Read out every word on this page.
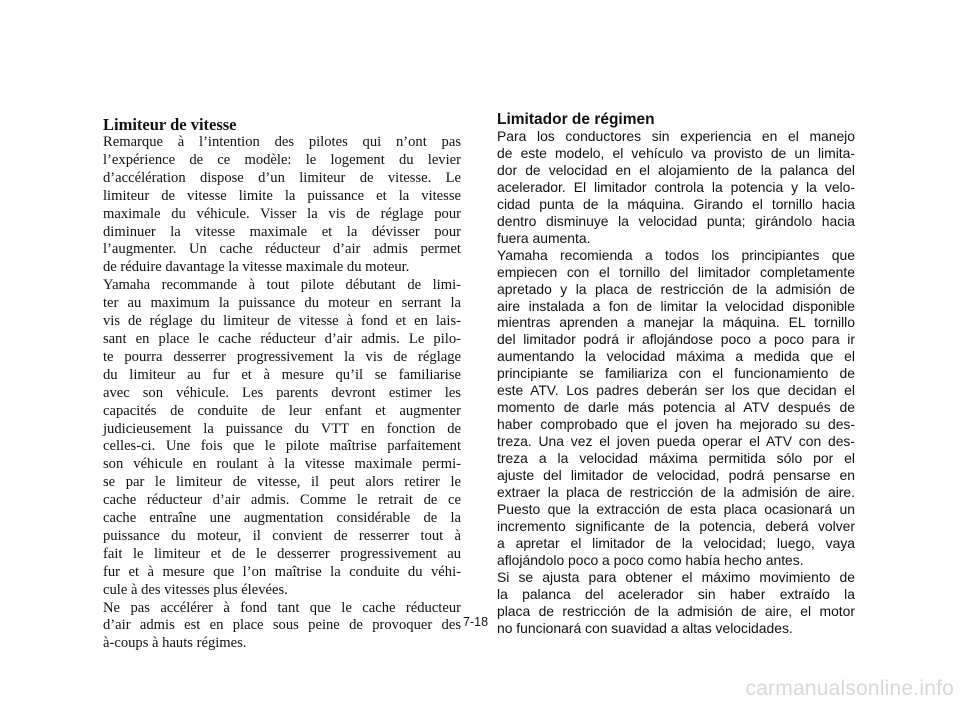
Limiteur de vitesse
Remarque à l’intention des pilotes qui n’ont pas
l’expérience de ce modèle: le logement du levier
d’accélération dispose d’un limiteur de vitesse. Le
limiteur de vitesse limite la puissance et la vitesse
maximale du véhicule. Visser la vis de réglage pour
diminuer la vitesse maximale et la dévisser pour
l’augmenter. Un cache réducteur d’air admis permet
de réduire davantage la vitesse maximale du moteur.
Yamaha recommande à tout pilote débutant de limi-
ter au maximum la puissance du moteur en serrant la
vis de réglage du limiteur de vitesse à fond et en lais-
sant en place le cache réducteur d’air admis. Le pilo-
te pourra desserrer progressivement la vis de réglage
du limiteur au fur et à mesure qu’il se familiarise
avec son véhicule. Les parents devront estimer les
capacités de conduite de leur enfant et augmenter
judicieusement la puissance du VTT en fonction de
celles-ci. Une fois que le pilote maîtrise parfaitement
son véhicule en roulant à la vitesse maximale permi-
se par le limiteur de vitesse, il peut alors retirer le
cache réducteur d’air admis. Comme le retrait de ce
cache entraîne une augmentation considérable de la
puissance du moteur, il convient de resserrer tout à
fait le limiteur et de le desserrer progressivement au
fur et à mesure que l’on maîtrise la conduite du véhi-
cule à des vitesses plus élevées.
Ne pas accélérer à fond tant que le cache réducteur
d’air admis est en place sous peine de provoquer des
à-coups à hauts régimes.
Limitador de régimen
Para los conductores sin experiencia en el manejo
de este modelo, el vehículo va provisto de un limita-
dor de velocidad en el alojamiento de la palanca del
acelerador. El limitador controla la potencia y la velo-
cidad punta de la máquina. Girando el tornillo hacia
dentro disminuye la velocidad punta; girándolo hacia
fuera aumenta.
Yamaha recomienda a todos los principiantes que
empiecen con el tornillo del limitador completamente
apretado y la placa de restricción de la admisión de
aire instalada a fon de limitar la velocidad disponible
mientras aprenden a manejar la máquina. EL tornillo
del limitador podrá ir aflojándose poco a poco para ir
aumentando la velocidad máxima a medida que el
principiante se familiariza con el funcionamiento de
este ATV. Los padres deberán ser los que decidan el
momento de darle más potencia al ATV después de
haber comprobado que el joven ha mejorado su des-
treza. Una vez el joven pueda operar el ATV con des-
treza a la velocidad máxima permitida sólo por el
ajuste del limitador de velocidad, podrá pensarse en
extraer la placa de restricción de la admisión de aire.
Puesto que la extracción de esta placa ocasionará un
incremento significante de la potencia, deberá volver
a apretar el limitador de la velocidad; luego, vaya
aflojándolo poco a poco como había hecho antes.
Si se ajusta para obtener el máximo movimiento de
la palanca del acelerador sin haber extraído la
placa de restricción de la admisión de aire, el motor
no funcionará con suavidad a altas velocidades.
7-18
carmanualsonline.info
